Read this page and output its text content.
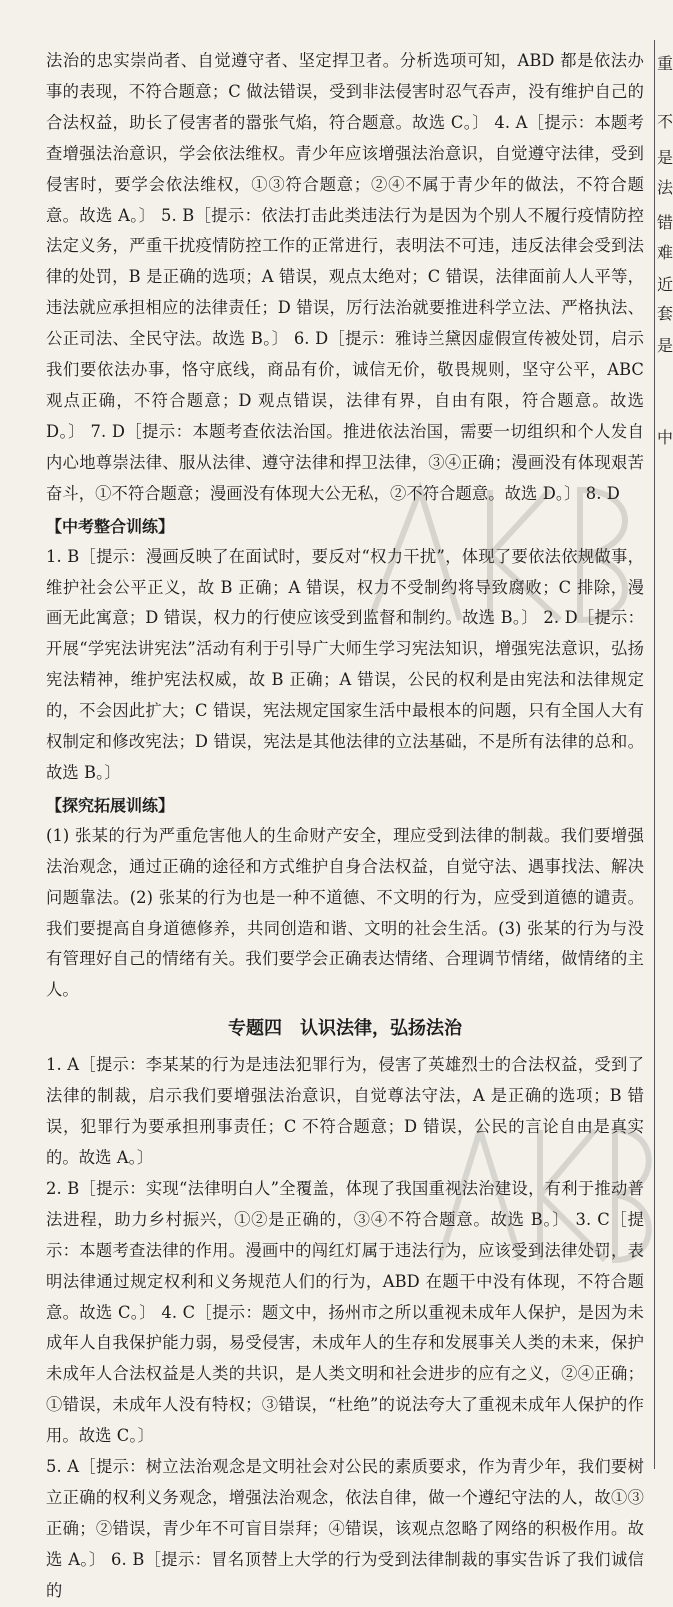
法治的忠实崇尚者、自觉遵守者、坚定捍卫者。分析选项可知，ABD 都是依法办事的表现，不符合题意；C 做法错误，受到非法侵害时忍气吞声，没有维护自己的合法权益，助长了侵害者的嚣张气焰，符合题意。故选 C。〕 4. A［提示：本题考查增强法治意识，学会依法维权。青少年应该增强法治意识，自觉遵守法律，受到侵害时，要学会依法维权，①③符合题意；②④不属于青少年的做法，不符合题意。故选 A。〕 5. B［提示：依法打击此类违法行为是因为个别人不履行疫情防控法定义务，严重干扰疫情防控工作的正常进行，表明法不可违，违反法律会受到法律的处罚，B 是正确的选项；A 错误，观点太绝对；C 错误，法律面前人人平等，违法就应承担相应的法律责任；D 错误，厉行法治就要推进科学立法、严格执法、公正司法、全民守法。故选 B。〕 6. D［提示：雅诗兰黛因虚假宣传被处罚，启示我们要依法办事，恪守底线，商品有价，诚信无价，敬畏规则，坚守公平，ABC 观点正确，不符合题意；D 观点错误，法律有界，自由有限，符合题意。故选 D。〕 7. D［提示：本题考查依法治国。推进依法治国，需要一切组织和个人发自内心地尊崇法律、服从法律、遵守法律和捍卫法律，③④正确；漫画没有体现艰苦奋斗，①不符合题意；漫画没有体现大公无私，②不符合题意。故选 D。〕 8. D

【中考整合训练】

1. B［提示：漫画反映了在面试时，要反对“权力干扰”，体现了要依法依规做事，维护社会公平正义，故 B 正确；A 错误，权力不受制约将导致腐败；C 排除，漫画无此寓意；D 错误，权力的行使应该受到监督和制约。故选 B。〕 2. D［提示：开展“学宪法讲宪法”活动有利于引导广大师生学习宪法知识，增强宪法意识，弘扬宪法精神，维护宪法权威，故 B 正确；A 错误，公民的权利是由宪法和法律规定的，不会因此扩大；C 错误，宪法规定国家生活中最根本的问题，只有全国人大有权制定和修改宪法；D 错误，宪法是其他法律的立法基础，不是所有法律的总和。故选 B。〕

【探究拓展训练】

(1) 张某的行为严重危害他人的生命财产安全，理应受到法律的制裁。我们要增强法治观念，通过正确的途径和方式维护自身合法权益，自觉守法、遇事找法、解决问题靠法。(2) 张某的行为也是一种不道德、不文明的行为，应受到道德的谴责。我们要提高自身道德修养，共同创造和谐、文明的社会生活。(3) 张某的行为与没有管理好自己的情绪有关。我们要学会正确表达情绪、合理调节情绪，做情绪的主人。

专题四　认识法律，弘扬法治

1. A［提示：李某某的行为是违法犯罪行为，侵害了英雄烈士的合法权益，受到了法律的制裁，启示我们要增强法治意识，自觉尊法守法，A 是正确的选项；B 错误，犯罪行为要承担刑事责任；C 不符合题意；D 错误，公民的言论自由是真实的。故选 A。〕

2. B［提示：实现“法律明白人”全覆盖，体现了我国重视法治建设，有利于推动普法进程，助力乡村振兴，①②是正确的，③④不符合题意。故选 B。〕 3. C［提示：本题考查法律的作用。漫画中的闯红灯属于违法行为，应该受到法律处罚，表明法律通过规定权利和义务规范人们的行为，ABD 在题干中没有体现，不符合题意。故选 C。〕 4. C［提示：题文中，扬州市之所以重视未成年人保护，是因为未成年人自我保护能力弱，易受侵害，未成年人的生存和发展事关人类的未来，保护未成年人合法权益是人类的共识，是人类文明和社会进步的应有之义，②④正确；①错误，未成年人没有特权；③错误，“杜绝”的说法夸大了重视未成年人保护的作用。故选 C。〕

5. A［提示：树立法治观念是文明社会对公民的素质要求，作为青少年，我们要树立正确的权利义务观念，增强法治观念，依法自律，做一个遵纪守法的人，故①③正确；②错误，青少年不可盲目崇拜；④错误，该观点忽略了网络的积极作用。故选 A。〕 6. B［提示：冒名顶替上大学的行为受到法律制裁的事实告诉了我们诚信的

重
不
是
法
错
难
近
套
是
中
